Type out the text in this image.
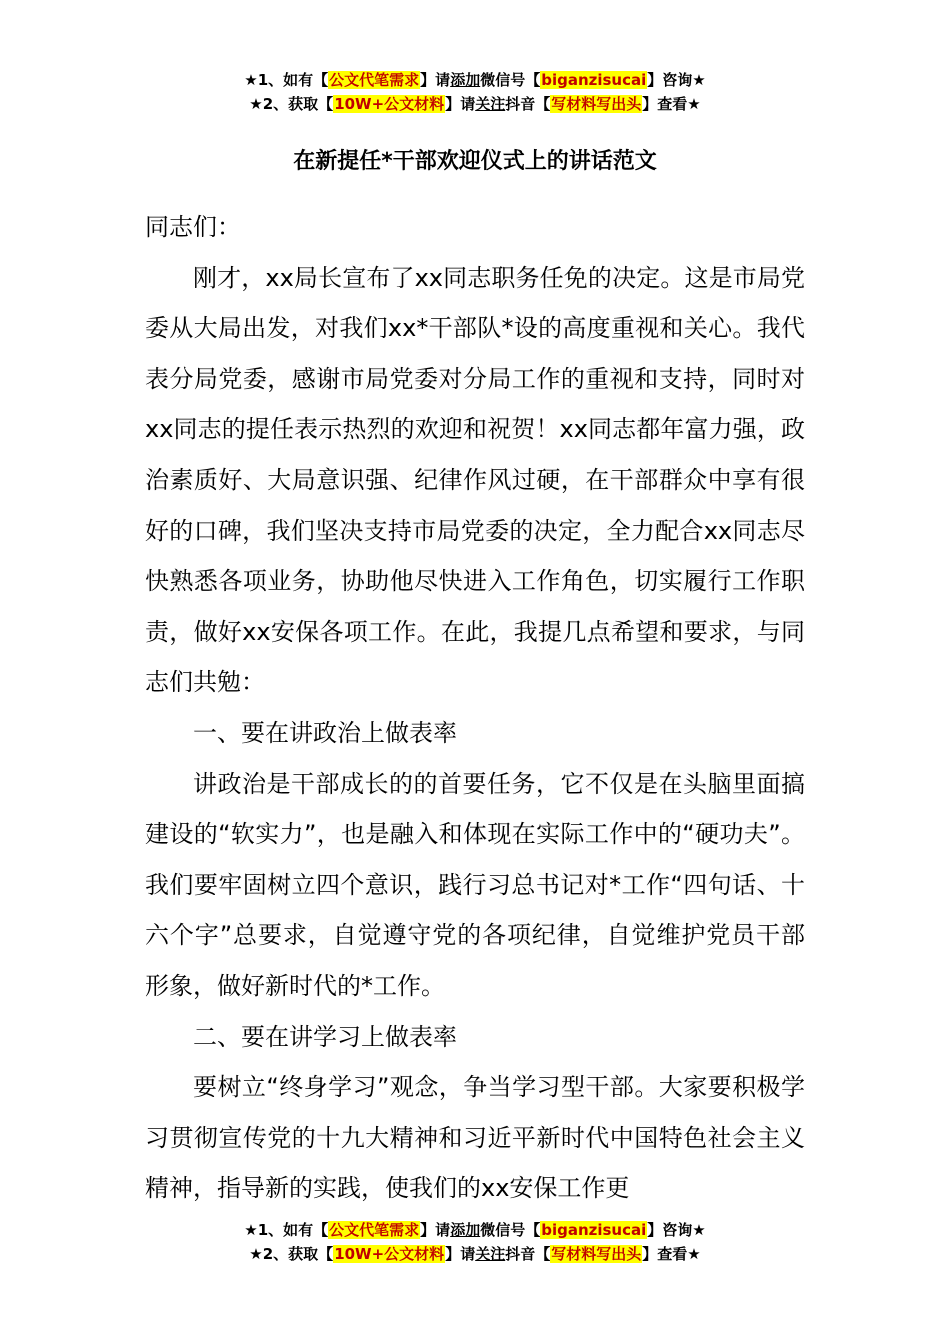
★1、如有【公文代笔需求】请添加微信号【biganzisucai】咨询★
★2、获取【10W+公文材料】请关注抖音【写材料写出头】查看★
在新提任*干部欢迎仪式上的讲话范文

同志们：

刚才，xx局长宣布了xx同志职务任免的决定。这是市局党委从大局出发，对我们xx*干部队*设的高度重视和关心。我代表分局党委，感谢市局党委对分局工作的重视和支持，同时对xx同志的提任表示热烈的欢迎和祝贺！xx同志都年富力强，政治素质好、大局意识强、纪律作风过硬，在干部群众中享有很好的口碑，我们坚决支持市局党委的决定，全力配合xx同志尽快熟悉各项业务，协助他尽快进入工作角色，切实履行工作职责，做好xx安保各项工作。在此，我提几点希望和要求，与同志们共勉：

一、要在讲政治上做表率

讲政治是干部成长的的首要任务，它不仅是在头脑里面搞建设的“软实力”，也是融入和体现在实际工作中的“硬功夫”。我们要牢固树立四个意识，践行习总书记对*工作“四句话、十六个字”总要求，自觉遵守党的各项纪律，自觉维护党员干部形象，做好新时代的*工作。

二、要在讲学习上做表率

要树立“终身学习”观念，争当学习型干部。大家要积极学习贯彻宣传党的十九大精神和习近平新时代中国特色社会主义精神，指导新的实践，使我们的xx安保工作更

★1、如有【公文代笔需求】请添加微信号【biganzisucai】咨询★
★2、获取【10W+公文材料】请关注抖音【写材料写出头】查看★
